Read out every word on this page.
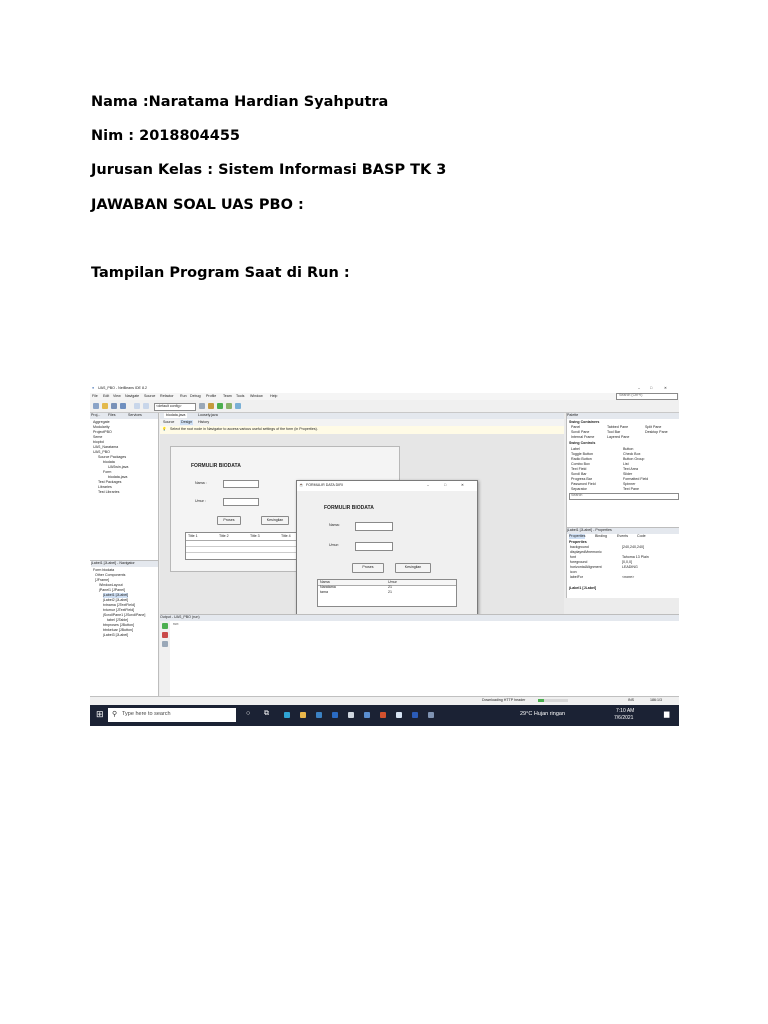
Nama :Naratama Hardian Syahputra
Nim : 2018804455
Jurusan Kelas : Sistem Informasi BASP TK 3
JAWABAN SOAL UAS PBO :
Tampilan Program Saat di Run :
● UAS_PBO - NetBeans IDE 8.2	–	□	✕
File Edit View Navigate Source Refactor Run Debug Profile Team Tools Window Help	Search (Ctrl+I)
<default config>
Proj... Files	Services
Aggregate
Modularity
ProjectPBO
Seme
biopbd
UAS_Naratama
UAS_PBO
Source Packages
biodata
UASwin.java
Form
biodata.java
Test Packages
Libraries
Test Libraries
jLabel1 [JLabel] - Navigator
Form biodata
Other Components
[JFrame]
WindowLayout
jPanel1 [JPanel]
jLabel1 [JLabel]
jLabel2 [JLabel]
txtnama [JTextField]
txtumur [JTextField]
jScrollPane1 [JScrollPane]
tabel [JTable]
btnproses [JButton]
btnkeluar [JButton]
jLabel3 [JLabel]
biodata.java	Loosely.java
Source Design History
💡 Select the root node in Navigator to access various useful settings of the form (in Properties).
FORMULIR BIODATA
Nama :
Umur :
Proses	Kesingilan
Title 1	Title 2	Title 3	Title 4
☕ FORMULIR DATA DIRI	–	□	✕
FORMULIR BIODATA
Nama:
Umur:
Proses	Kesingilan
Nama	Umur
Naratama	21
tama	21
Palette
Swing Containers
Panel	Tabbed Pane	Split Pane
Scroll Pane	Tool Bar	Desktop Pane
Internal Frame	Layered Pane
Swing Controls
Label	Button
Toggle Button	Check Box
Radio Button	Button Group
Combo Box	List
Text Field	Text Area
Scroll Bar	Slider
Progress Bar	Formatted Field
Password Field	Spinner
Separator	Text Pane
Search
jLabel1 [JLabel] - Properties
Properties	Binding	Events	Code
Properties
background	[240,240,240]
displayedMnemonic
font	Tahoma 13 Plain
foreground	[0,0,0]
horizontalAlignment	LEADING
icon
labelFor	<none>
jLabel1 [JLabel]
Output - UAS_PBO (run)
run:
Downloading HTTP header	INS	186:1/3
⊞ ⚲ Type here to search	○ ⧉	29°C Hujan ringan	7:10 AM
7/6/2021	▆
